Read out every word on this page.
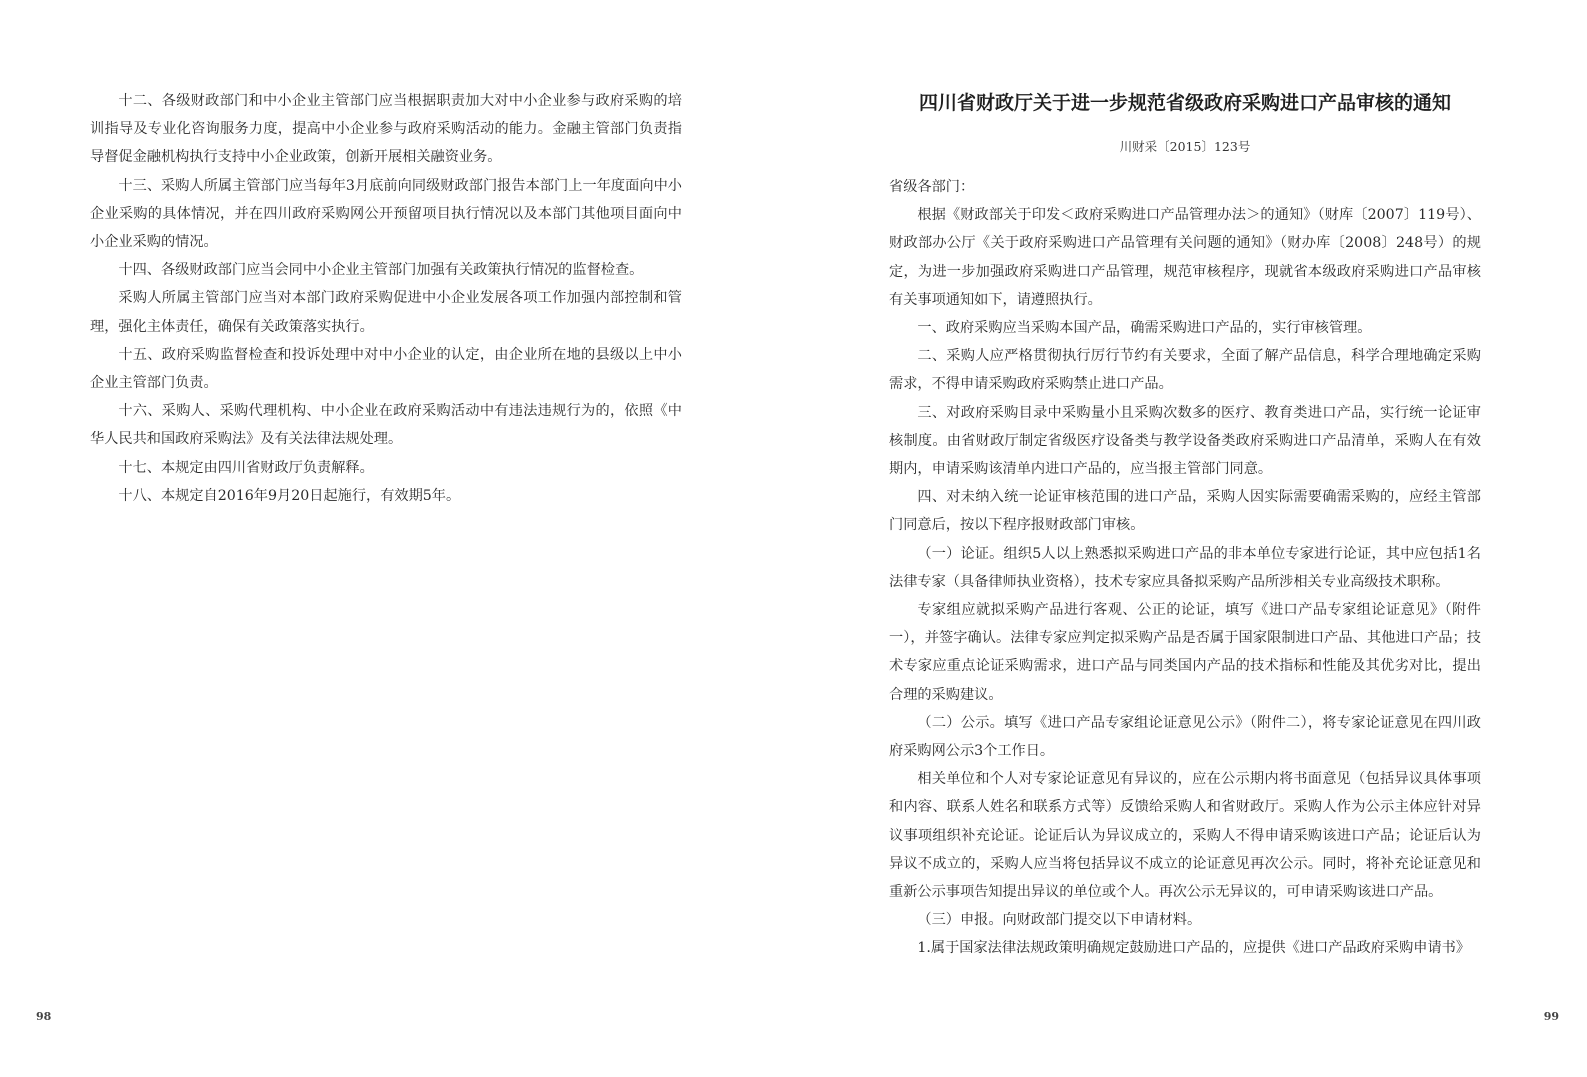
十二、各级财政部门和中小企业主管部门应当根据职责加大对中小企业参与政府采购的培训指导及专业化咨询服务力度，提高中小企业参与政府采购活动的能力。金融主管部门负责指导督促金融机构执行支持中小企业政策，创新开展相关融资业务。

十三、采购人所属主管部门应当每年3月底前向同级财政部门报告本部门上一年度面向中小企业采购的具体情况，并在四川政府采购网公开预留项目执行情况以及本部门其他项目面向中小企业采购的情况。

十四、各级财政部门应当会同中小企业主管部门加强有关政策执行情况的监督检查。

采购人所属主管部门应当对本部门政府采购促进中小企业发展各项工作加强内部控制和管理，强化主体责任，确保有关政策落实执行。

十五、政府采购监督检查和投诉处理中对中小企业的认定，由企业所在地的县级以上中小企业主管部门负责。

十六、采购人、采购代理机构、中小企业在政府采购活动中有违法违规行为的，依照《中华人民共和国政府采购法》及有关法律法规处理。

十七、本规定由四川省财政厅负责解释。

十八、本规定自2016年9月20日起施行，有效期5年。

98
四川省财政厅关于进一步规范省级政府采购进口产品审核的通知
川财采〔2015〕123号

省级各部门：

根据《财政部关于印发＜政府采购进口产品管理办法＞的通知》（财库〔2007〕119号）、财政部办公厅《关于政府采购进口产品管理有关问题的通知》（财办库〔2008〕248号）的规定，为进一步加强政府采购进口产品管理，规范审核程序，现就省本级政府采购进口产品审核有关事项通知如下，请遵照执行。

一、政府采购应当采购本国产品，确需采购进口产品的，实行审核管理。

二、采购人应严格贯彻执行厉行节约有关要求，全面了解产品信息，科学合理地确定采购需求，不得申请采购政府采购禁止进口产品。

三、对政府采购目录中采购量小且采购次数多的医疗、教育类进口产品，实行统一论证审核制度。由省财政厅制定省级医疗设备类与教学设备类政府采购进口产品清单，采购人在有效期内，申请采购该清单内进口产品的，应当报主管部门同意。

四、对未纳入统一论证审核范围的进口产品，采购人因实际需要确需采购的，应经主管部门同意后，按以下程序报财政部门审核。

（一）论证。组织5人以上熟悉拟采购进口产品的非本单位专家进行论证，其中应包括1名法律专家（具备律师执业资格），技术专家应具备拟采购产品所涉相关专业高级技术职称。

专家组应就拟采购产品进行客观、公正的论证，填写《进口产品专家组论证意见》（附件一），并签字确认。法律专家应判定拟采购产品是否属于国家限制进口产品、其他进口产品；技术专家应重点论证采购需求，进口产品与同类国内产品的技术指标和性能及其优劣对比，提出合理的采购建议。

（二）公示。填写《进口产品专家组论证意见公示》（附件二），将专家论证意见在四川政府采购网公示3个工作日。

相关单位和个人对专家论证意见有异议的，应在公示期内将书面意见（包括异议具体事项和内容、联系人姓名和联系方式等）反馈给采购人和省财政厅。采购人作为公示主体应针对异议事项组织补充论证。论证后认为异议成立的，采购人不得申请采购该进口产品；论证后认为异议不成立的，采购人应当将包括异议不成立的论证意见再次公示。同时，将补充论证意见和重新公示事项告知提出异议的单位或个人。再次公示无异议的，可申请采购该进口产品。

（三）申报。向财政部门提交以下申请材料。

1.属于国家法律法规政策明确规定鼓励进口产品的，应提供《进口产品政府采购申请书》

99
